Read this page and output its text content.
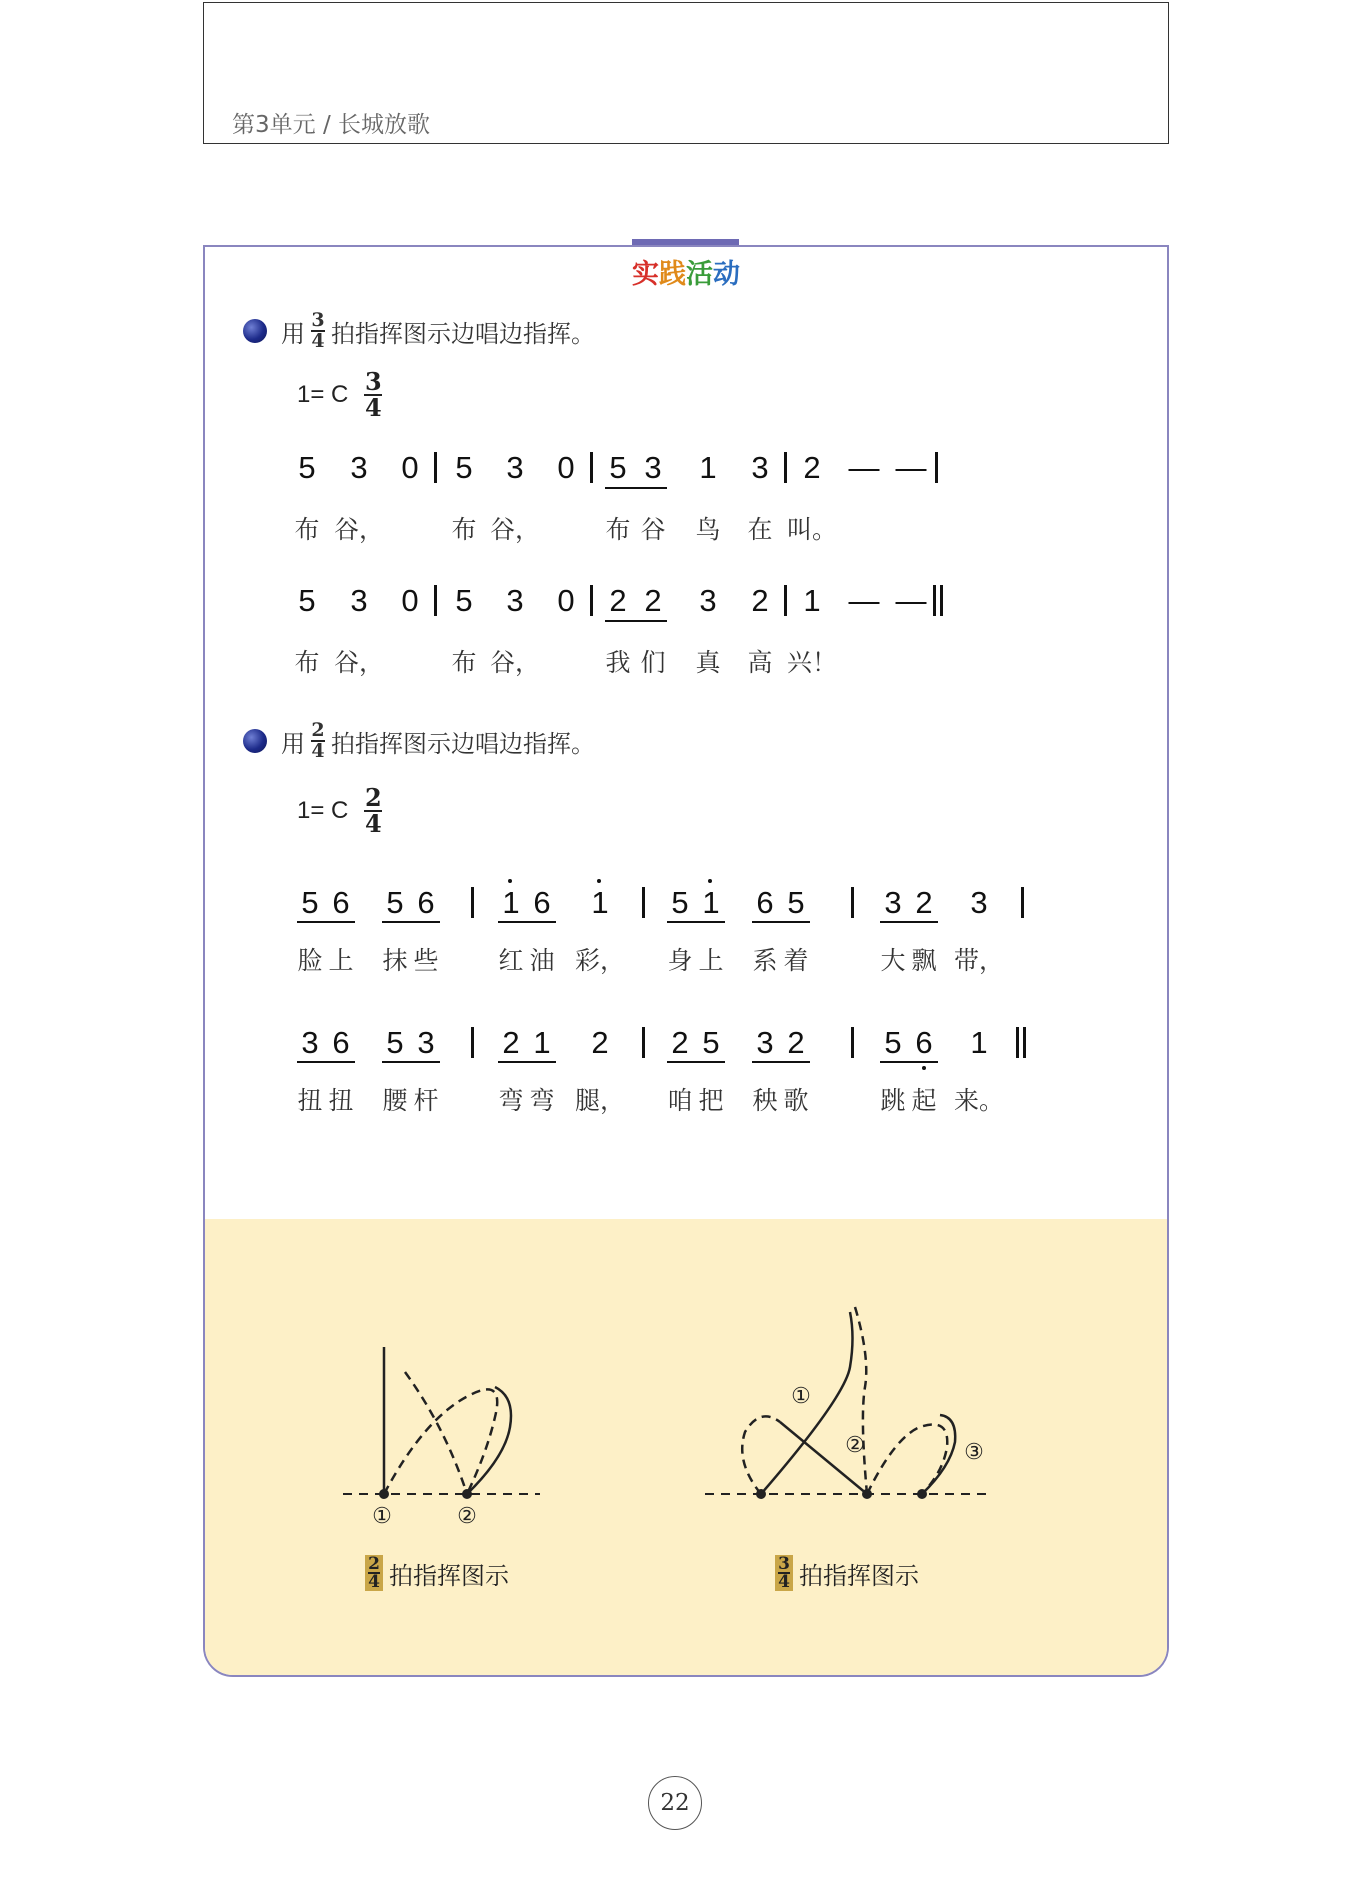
第3单元 / 长城放歌
实践活动
用 $\frac{3}{4}$ 拍指挥图示边唱边指挥。
1= C $\frac{3}{4}$
5 3 0 5 3 0 5 3 1 3 2 — —
布 谷，	布 谷，	布 谷 鸟 在 叫。
5 3 0 5 3 0 2 2 3 2 1 — —
布 谷，	布 谷，	我 们 真 高 兴！
用 $\frac{2}{4}$ 拍指挥图示边唱边指挥。
1= C $\frac{2}{4}$
5 6 5 6 1 6 1 5 1 6 5	3 2 3
脸 上 抹 些 红 油 彩， 身 上 系 着	大 飘 带，
3 6 5 3 2 1 2 2 5 3 2	5 6 1
扭 扭 腰 杆 弯 弯 腿， 咱 把 秧 歌	跳 起 来。
①	②
①
②	③
$\frac{2}{4}$ 拍指挥图示	$\frac{3}{4}$ 拍指挥图示
22
